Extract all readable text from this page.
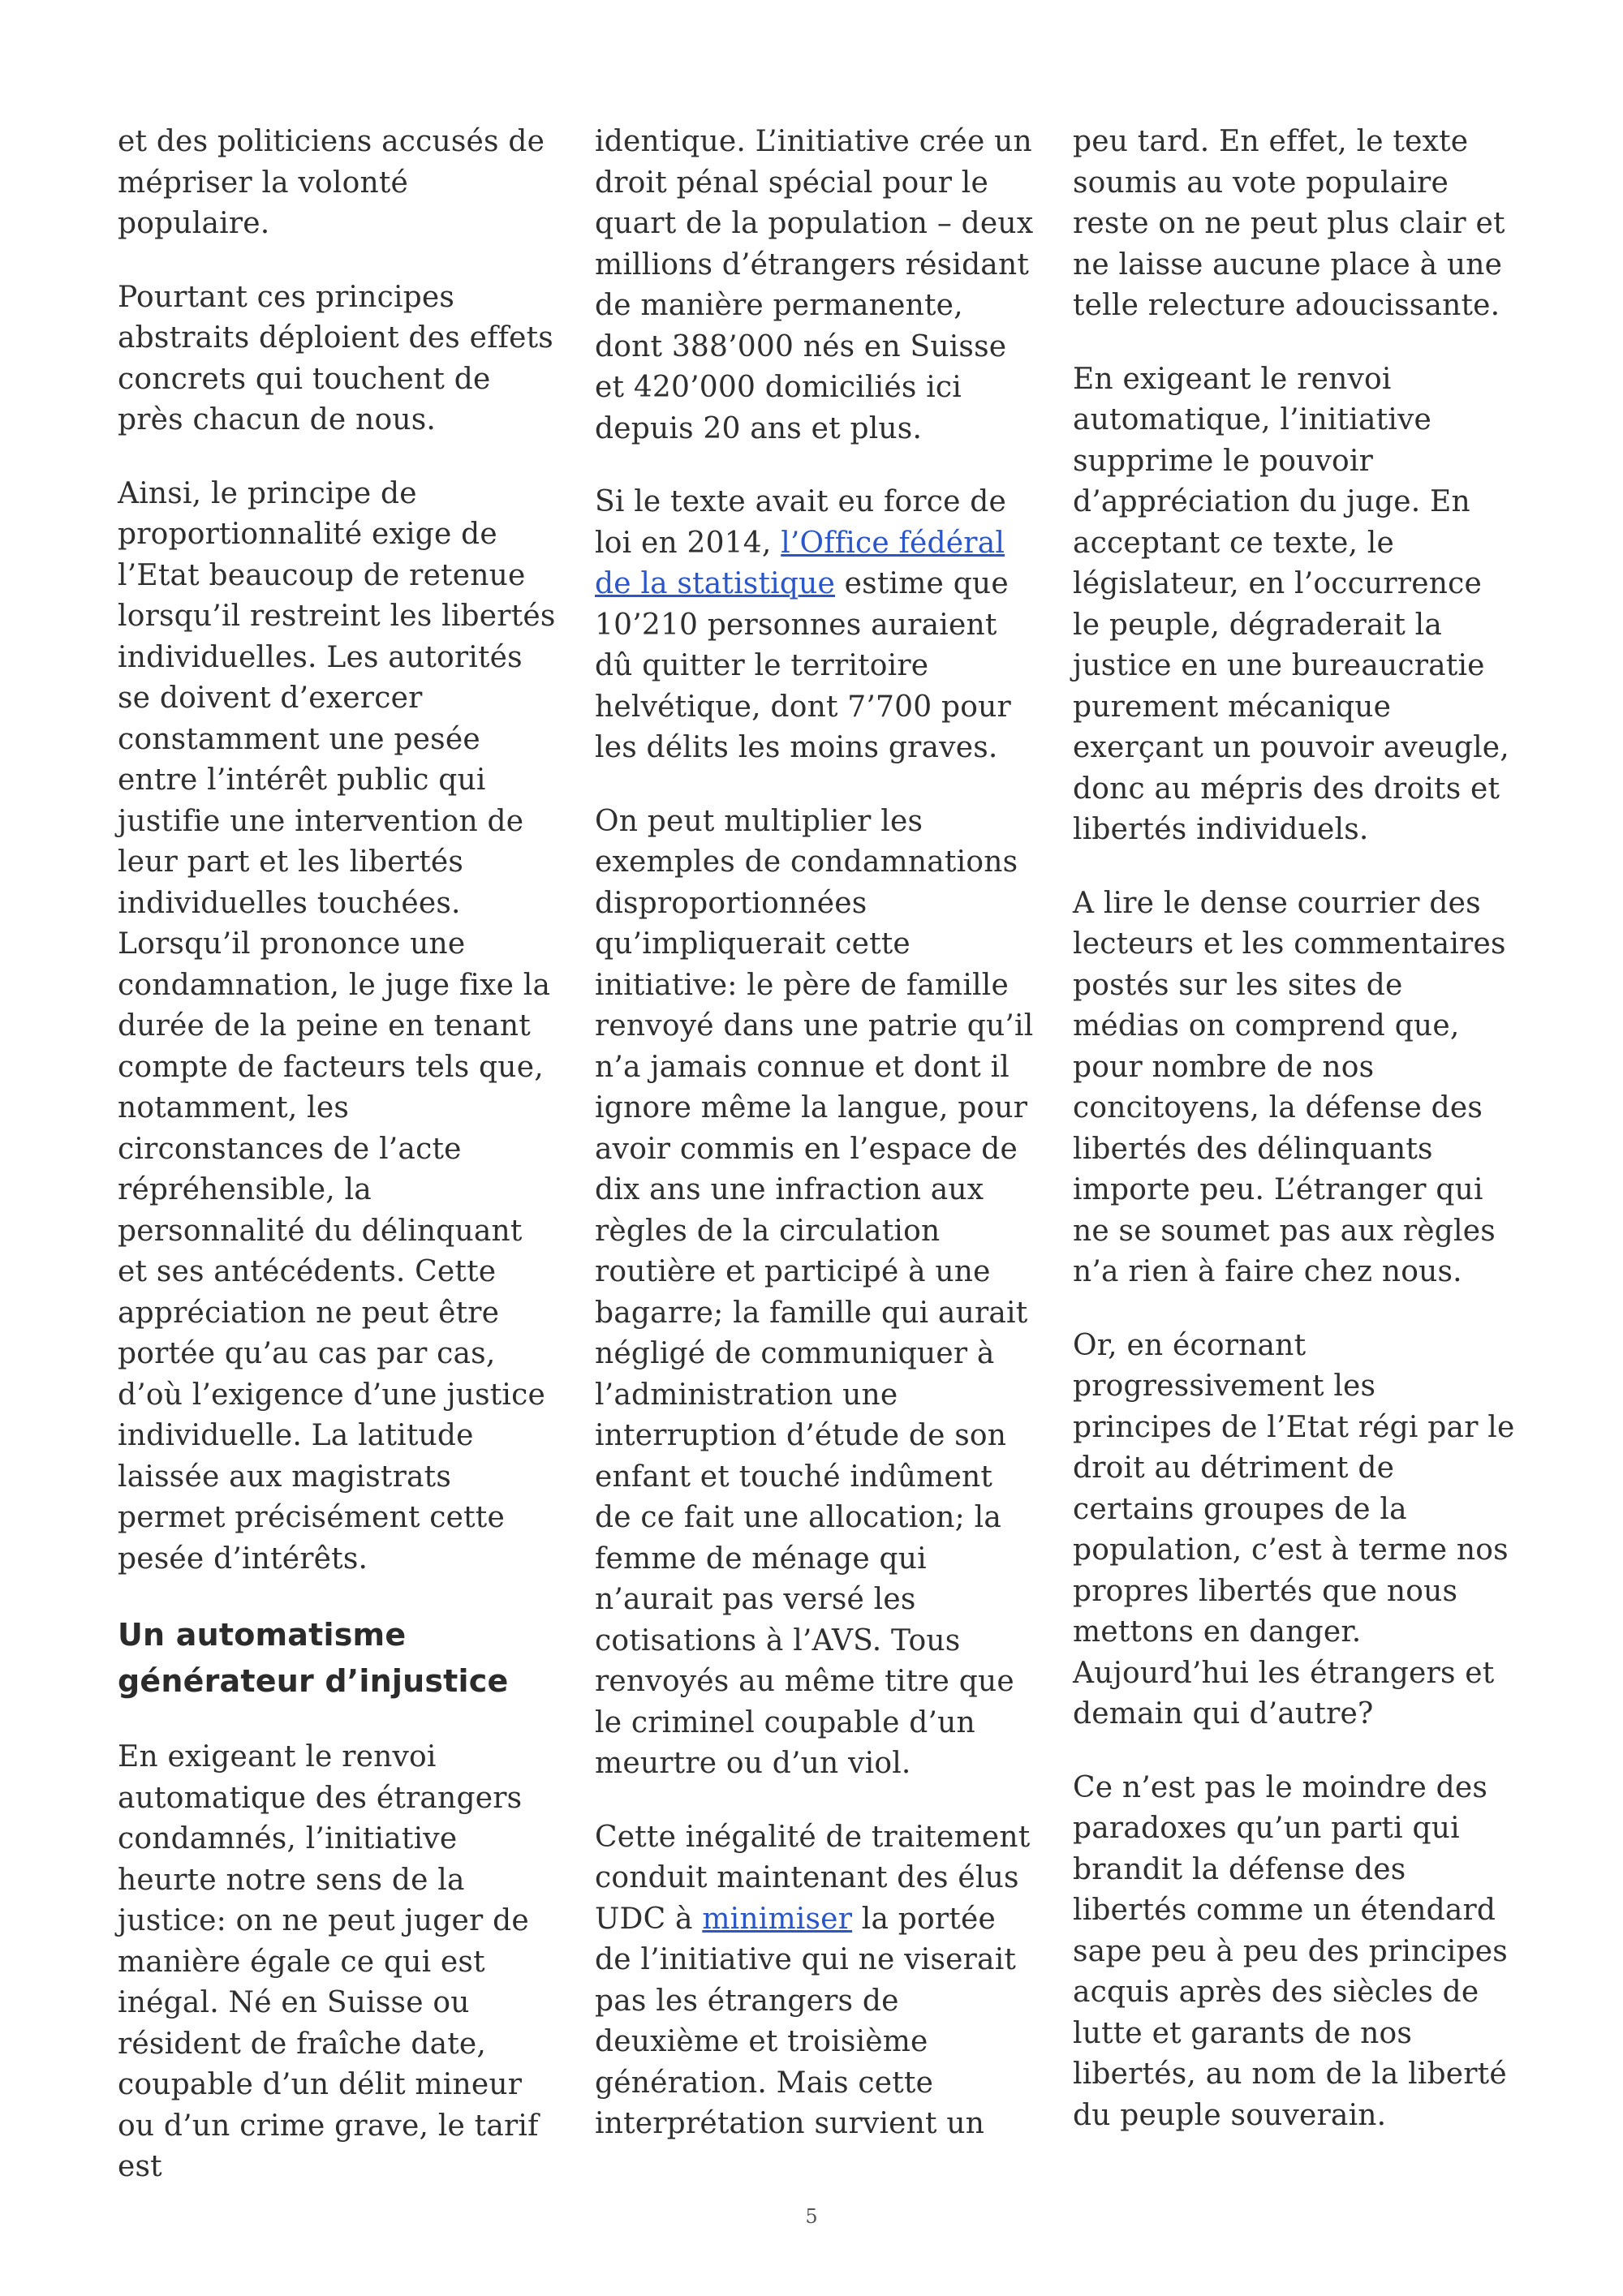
et des politiciens accusés de mépriser la volonté populaire.

Pourtant ces principes abstraits déploient des effets concrets qui touchent de près chacun de nous.

Ainsi, le principe de proportionnalité exige de l’Etat beaucoup de retenue lorsqu’il restreint les libertés individuelles. Les autorités se doivent d’exercer constamment une pesée entre l’intérêt public qui justifie une intervention de leur part et les libertés individuelles touchées.

Lorsqu’il prononce une condamnation, le juge fixe la durée de la peine en tenant compte de facteurs tels que, notamment, les circonstances de l’acte répréhensible, la personnalité du délinquant et ses antécédents. Cette appréciation ne peut être portée qu’au cas par cas, d’où l’exigence d’une justice individuelle. La latitude laissée aux magistrats permet précisément cette pesée d’intérêts.

Un automatisme
générateur d’injustice

En exigeant le renvoi automatique des étrangers condamnés, l’initiative heurte notre sens de la justice: on ne peut juger de manière égale ce qui est inégal. Né en Suisse ou résident de fraîche date, coupable d’un délit mineur ou d’un crime grave, le tarif est

identique. L’initiative crée un droit pénal spécial pour le quart de la population – deux millions d’étrangers résidant de manière permanente, dont 388’000 nés en Suisse et 420’000 domiciliés ici depuis 20 ans et plus.

Si le texte avait eu force de loi en 2014, l’Office fédéral de la statistique estime que 10’210 personnes auraient dû quitter le territoire helvétique, dont 7’700 pour les délits les moins graves.

On peut multiplier les exemples de condamnations disproportionnées qu’impliquerait cette initiative: le père de famille renvoyé dans une patrie qu’il n’a jamais connue et dont il ignore même la langue, pour avoir commis en l’espace de dix ans une infraction aux règles de la circulation routière et participé à une bagarre; la famille qui aurait négligé de communiquer à l’administration une interruption d’étude de son enfant et touché indûment de ce fait une allocation; la femme de ménage qui n’aurait pas versé les cotisations à l’AVS. Tous renvoyés au même titre que le criminel coupable d’un meurtre ou d’un viol.

Cette inégalité de traitement conduit maintenant des élus UDC à minimiser la portée de l’initiative qui ne viserait pas les étrangers de deuxième et troisième génération. Mais cette interprétation survient un

peu tard. En effet, le texte soumis au vote populaire reste on ne peut plus clair et ne laisse aucune place à une telle relecture adoucissante.

En exigeant le renvoi automatique, l’initiative supprime le pouvoir d’appréciation du juge. En acceptant ce texte, le législateur, en l’occurrence le peuple, dégraderait la justice en une bureaucratie purement mécanique exerçant un pouvoir aveugle, donc au mépris des droits et libertés individuels.

A lire le dense courrier des lecteurs et les commentaires postés sur les sites de médias on comprend que, pour nombre de nos concitoyens, la défense des libertés des délinquants importe peu. L’étranger qui ne se soumet pas aux règles n’a rien à faire chez nous.

Or, en écornant progressivement les principes de l’Etat régi par le droit au détriment de certains groupes de la population, c’est à terme nos propres libertés que nous mettons en danger. Aujourd’hui les étrangers et demain qui d’autre?

Ce n’est pas le moindre des paradoxes qu’un parti qui brandit la défense des libertés comme un étendard sape peu à peu des principes acquis après des siècles de lutte et garants de nos libertés, au nom de la liberté du peuple souverain.

5
